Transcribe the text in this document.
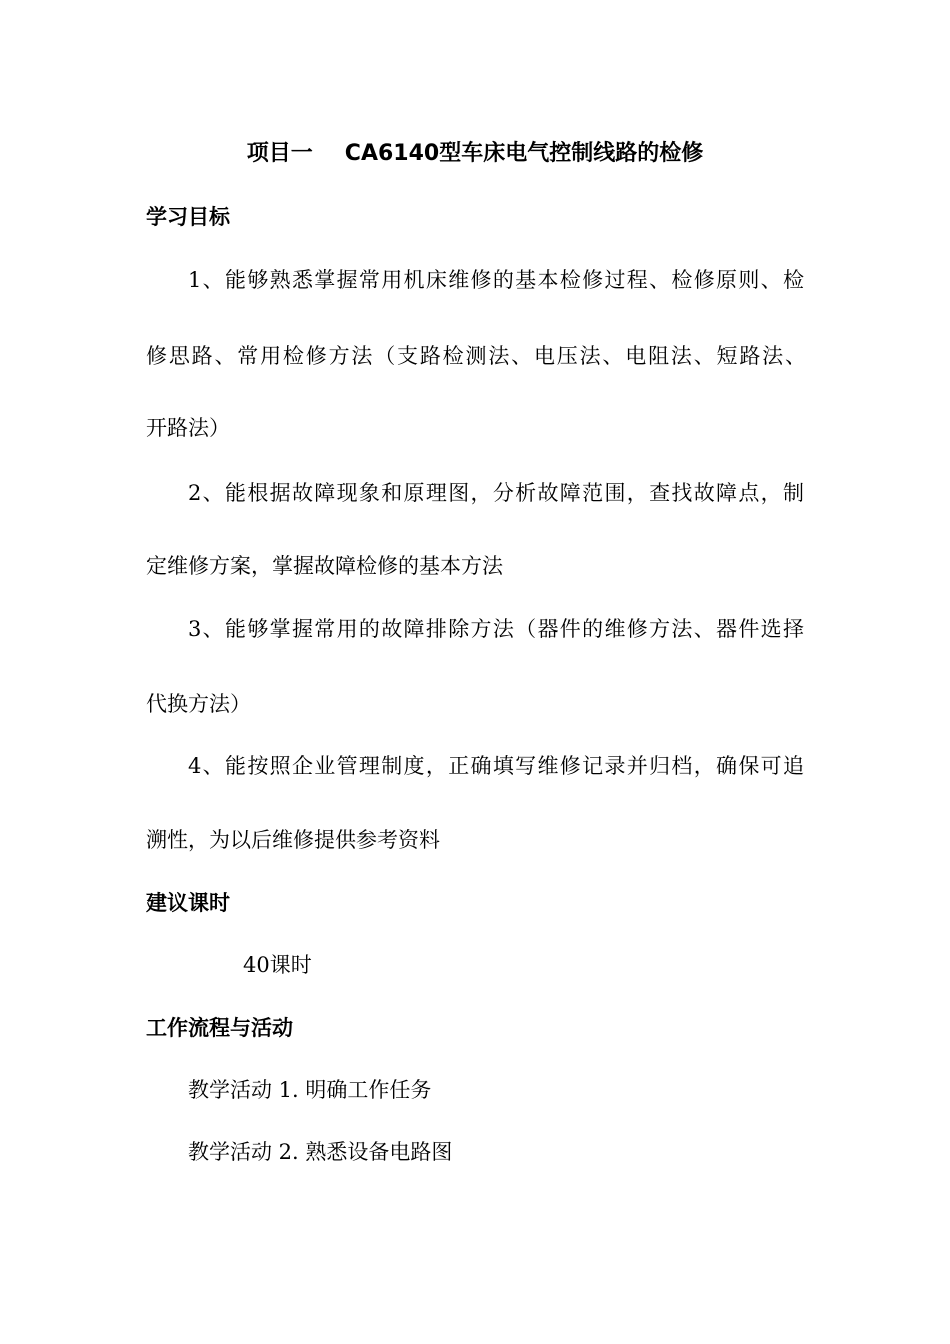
项目一 CA6140型车床电气控制线路的检修
学习目标
1、能够熟悉掌握常用机床维修的基本检修过程、检修原则、检
修思路、常用检修方法（支路检测法、电压法、电阻法、短路法、
开路法）
2、能根据故障现象和原理图，分析故障范围，查找故障点，制
定维修方案，掌握故障检修的基本方法
3、能够掌握常用的故障排除方法（器件的维修方法、器件选择
代换方法）
4、能按照企业管理制度，正确填写维修记录并归档，确保可追
溯性，为以后维修提供参考资料
建议课时
40课时
工作流程与活动
教学活动 1. 明确工作任务
教学活动 2. 熟悉设备电路图
